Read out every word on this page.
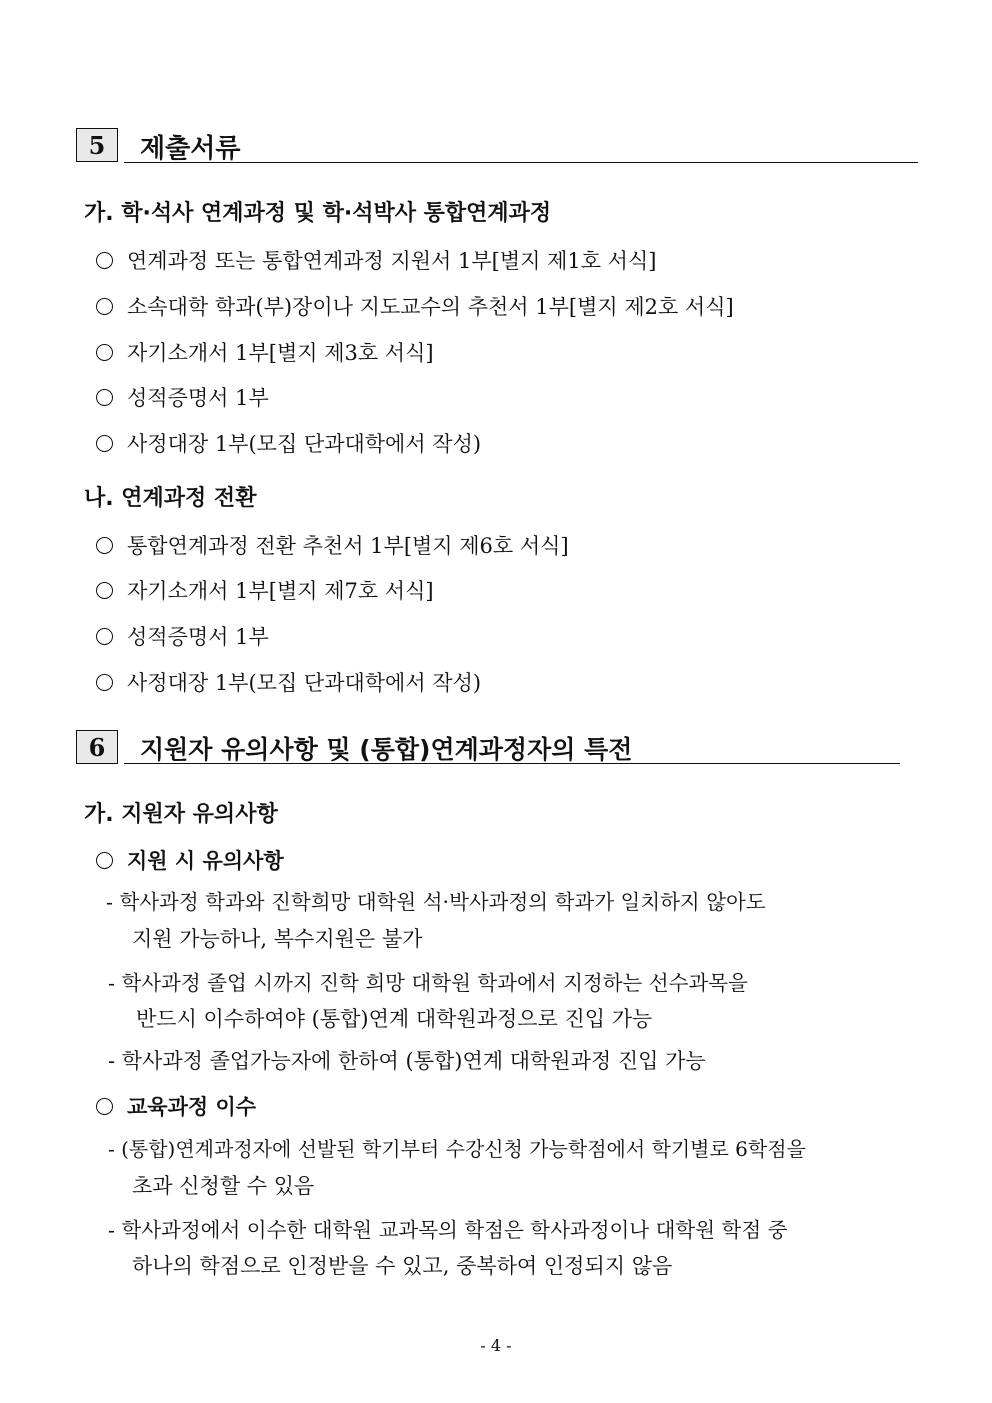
5 제출서류
가. 학·석사 연계과정 및 학·석박사 통합연계과정
연계과정 또는 통합연계과정 지원서 1부[별지 제1호 서식]
소속대학 학과(부)장이나 지도교수의 추천서 1부[별지 제2호 서식]
자기소개서 1부[별지 제3호 서식]
성적증명서 1부
사정대장 1부(모집 단과대학에서 작성)
나. 연계과정 전환
통합연계과정 전환 추천서 1부[별지 제6호 서식]
자기소개서 1부[별지 제7호 서식]
성적증명서 1부
사정대장 1부(모집 단과대학에서 작성)
6 지원자 유의사항 및 (통합)연계과정자의 특전
가. 지원자 유의사항
지원 시 유의사항
- 학사과정 학과와 진학희망 대학원 석·박사과정의 학과가 일치하지 않아도
지원 가능하나, 복수지원은 불가
- 학사과정 졸업 시까지 진학 희망 대학원 학과에서 지정하는 선수과목을
반드시 이수하여야 (통합)연계 대학원과정으로 진입 가능
- 학사과정 졸업가능자에 한하여 (통합)연계 대학원과정 진입 가능
교육과정 이수
- (통합)연계과정자에 선발된 학기부터 수강신청 가능학점에서 학기별로 6학점을
초과 신청할 수 있음
- 학사과정에서 이수한 대학원 교과목의 학점은 학사과정이나 대학원 학점 중
하나의 학점으로 인정받을 수 있고, 중복하여 인정되지 않음
- 4 -
